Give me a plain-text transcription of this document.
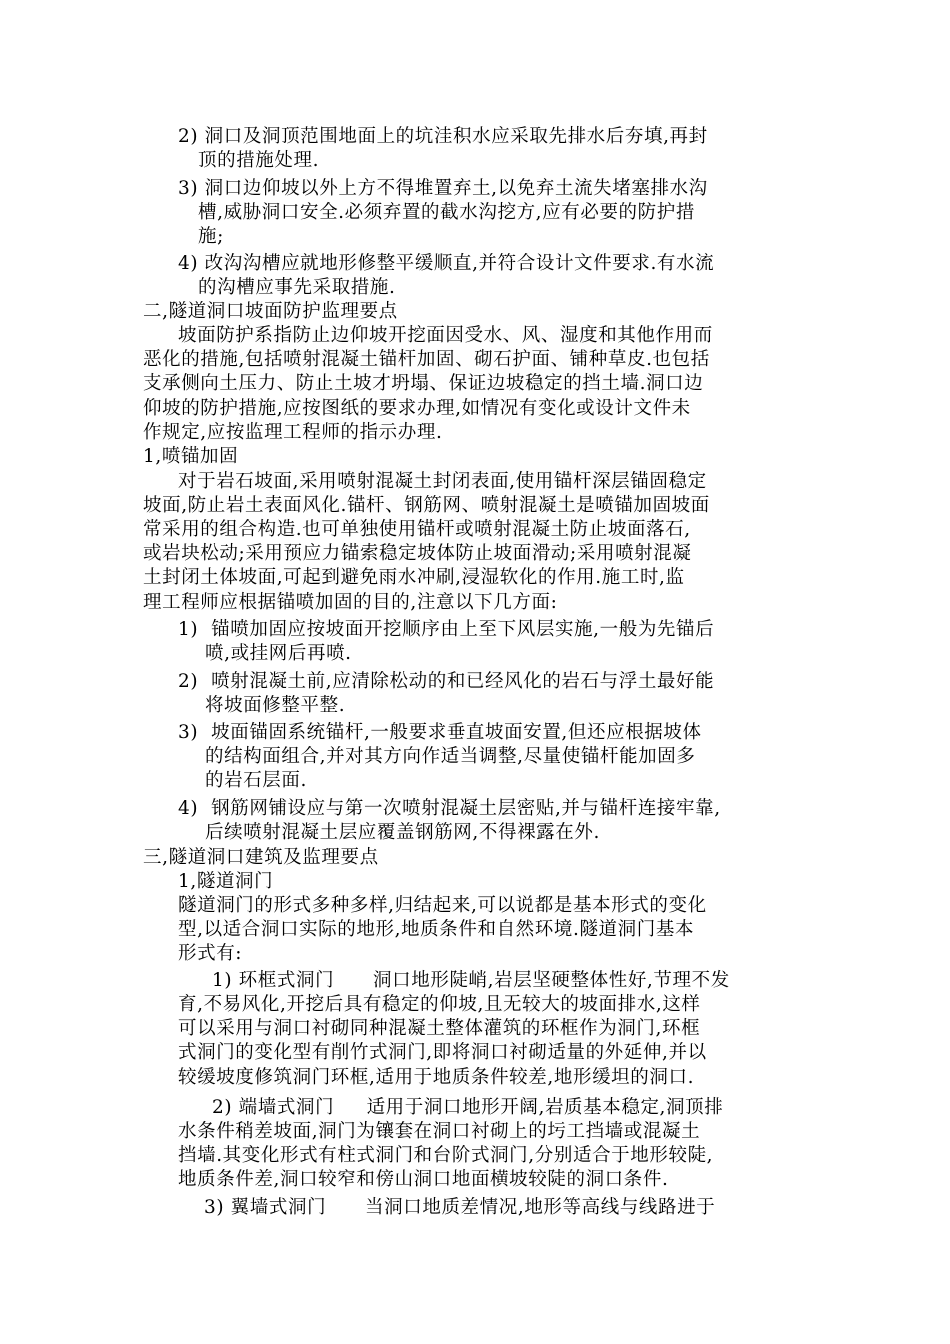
2) 洞口及洞顶范围地面上的坑洼积水应采取先排水后夯填,再封
顶的措施处理.
3) 洞口边仰坡以外上方不得堆置弃土,以免弃土流失堵塞排水沟
槽,威胁洞口安全.必须弃置的截水沟挖方,应有必要的防护措
施;
4) 改沟沟槽应就地形修整平缓顺直,并符合设计文件要求.有水流
的沟槽应事先采取措施.
二,隧道洞口坡面防护监理要点
坡面防护系指防止边仰坡开挖面因受水、风、湿度和其他作用而
恶化的措施,包括喷射混凝土锚杆加固、砌石护面、铺种草皮.也包括
支承侧向土压力、防止土坡才坍塌、保证边坡稳定的挡土墙.洞口边
仰坡的防护措施,应按图纸的要求办理,如情况有变化或设计文件未
作规定,应按监理工程师的指示办理.
1,喷锚加固
对于岩石坡面,采用喷射混凝土封闭表面,使用锚杆深层锚固稳定
坡面,防止岩土表面风化.锚杆、钢筋网、喷射混凝土是喷锚加固坡面
常采用的组合构造.也可单独使用锚杆或喷射混凝土防止坡面落石,
或岩块松动;采用预应力锚索稳定坡体防止坡面滑动;采用喷射混凝
土封闭土体坡面,可起到避免雨水冲刷,浸湿软化的作用.施工时,监
理工程师应根据锚喷加固的目的,注意以下几方面:
1)  锚喷加固应按坡面开挖顺序由上至下风层实施,一般为先锚后
喷,或挂网后再喷.
2)  喷射混凝土前,应清除松动的和已经风化的岩石与浮土最好能
将坡面修整平整.
3)  坡面锚固系统锚杆,一般要求垂直坡面安置,但还应根据坡体
的结构面组合,并对其方向作适当调整,尽量使锚杆能加固多
的岩石层面.
4)  钢筋网铺设应与第一次喷射混凝土层密贴,并与锚杆连接牢靠,
后续喷射混凝土层应覆盖钢筋网,不得裸露在外.
三,隧道洞口建筑及监理要点
1,隧道洞门
隧道洞门的形式多种多样,归结起来,可以说都是基本形式的变化
型,以适合洞口实际的地形,地质条件和自然环境.隧道洞门基本
形式有:
1) 环框式洞门      洞口地形陡峭,岩层坚硬整体性好,节理不发
育,不易风化,开挖后具有稳定的仰坡,且无较大的坡面排水,这样
可以采用与洞口衬砌同种混凝土整体灌筑的环框作为洞门,环框
式洞门的变化型有削竹式洞门,即将洞口衬砌适量的外延伸,并以
较缓坡度修筑洞门环框,适用于地质条件较差,地形缓坦的洞口.
2) 端墙式洞门     适用于洞口地形开阔,岩质基本稳定,洞顶排
水条件稍差坡面,洞门为镶套在洞口衬砌上的圬工挡墙或混凝土
挡墙.其变化形式有柱式洞门和台阶式洞门,分别适合于地形较陡,
地质条件差,洞口较窄和傍山洞口地面横坡较陡的洞口条件.
3) 翼墙式洞门      当洞口地质差情况,地形等高线与线路进于
